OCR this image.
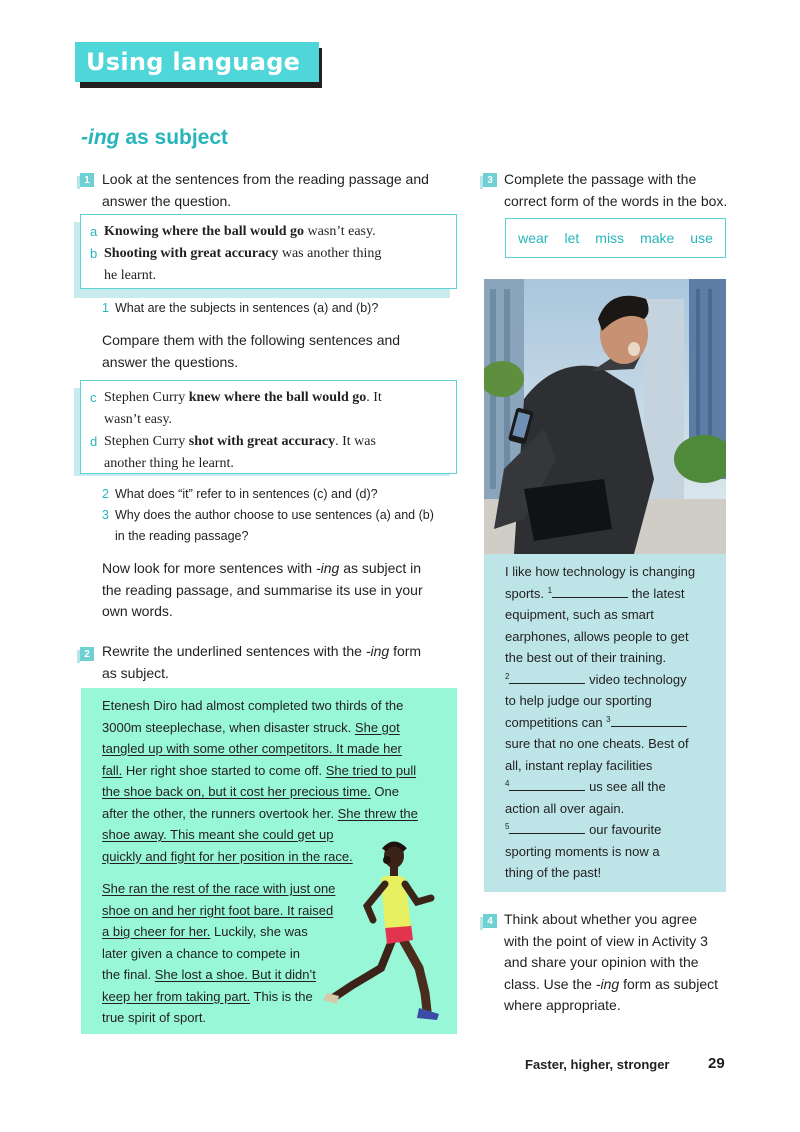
Using language
-ing as subject
1 Look at the sentences from the reading passage and
answer the question.
a Knowing where the ball would go wasn’t easy.
b Shooting with great accuracy was another thing
he learnt.
1 What are the subjects in sentences (a) and (b)?
Compare them with the following sentences and
answer the questions.
c Stephen Curry knew where the ball would go. It
wasn’t easy.
d Stephen Curry shot with great accuracy. It was
another thing he learnt.
2 What does “it” refer to in sentences (c) and (d)?
3 Why does the author choose to use sentences (a) and (b)
in the reading passage?
Now look for more sentences with -ing as subject in
the reading passage, and summarise its use in your
own words.
2 Rewrite the underlined sentences with the -ing form
as subject.

Etenesh Diro had almost completed two thirds of the
3000m steeplechase, when disaster struck. She got
tangled up with some other competitors. It made her
fall. Her right shoe started to come off. She tried to pull
the shoe back on, but it cost her precious time. One
after the other, the runners overtook her. She threw the
shoe away. This meant she could get up
quickly and fight for her position in the race.

She ran the rest of the race with just one
shoe on and her right foot bare. It raised
a big cheer for her. Luckily, she was
later given a chance to compete in
the final. She lost a shoe. But it didn’t
keep her from taking part. This is the
true spirit of sport.

3 Complete the passage with the
correct form of the words in the box.
wear let miss make use

I like how technology is changing
sports. $^1$	the latest
equipment, such as smart
earphones, allows people to get
the best out of their training.
$^2$	video technology
to help judge our sporting
competitions can $^3$
sure that no one cheats. Best of
all, instant replay facilities
$^4$	us see all the
action all over again.
$^5$	our favourite
sporting moments is now a
thing of the past!

4 Think about whether you agree
with the point of view in Activity 3
and share your opinion with the
class. Use the -ing form as subject
where appropriate.
Faster, higher, stronger	29
